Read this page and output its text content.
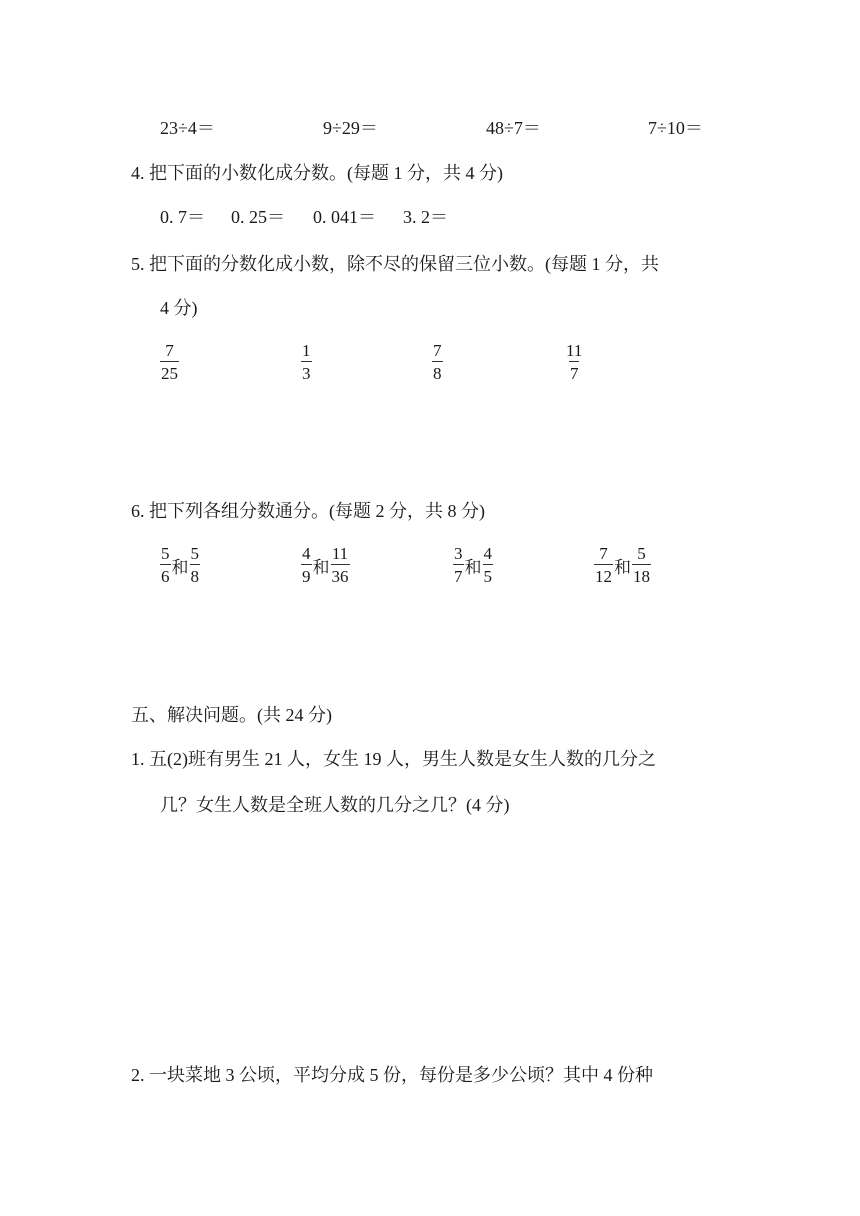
23÷4＝	9÷29＝	48÷7＝	7÷10＝
4. 把下面的小数化成分数。(每题 1 分，共 4 分)
0. 7＝ 0. 25＝ 0. 041＝ 3. 2＝
5. 把下面的分数化成小数，除不尽的保留三位小数。(每题 1 分，共
4 分)
$\frac{7}{25}$	$\frac{1}{3}$	$\frac{7}{8}$	$\frac{11}{7}$
6. 把下列各组分数通分。(每题 2 分，共 8 分)
$\frac{5}{6}$ 和 $\frac{5}{8}$	$\frac{4}{9}$ 和 $\frac{11}{36}$	$\frac{3}{7}$ 和 $\frac{4}{5}$	$\frac{7}{12}$ 和 $\frac{5}{18}$
五、解决问题。(共 24 分)
1. 五(2)班有男生 21 人，女生 19 人，男生人数是女生人数的几分之
几？女生人数是全班人数的几分之几？(4 分)
2. 一块菜地 3 公顷，平均分成 5 份，每份是多少公顷？其中 4 份种
